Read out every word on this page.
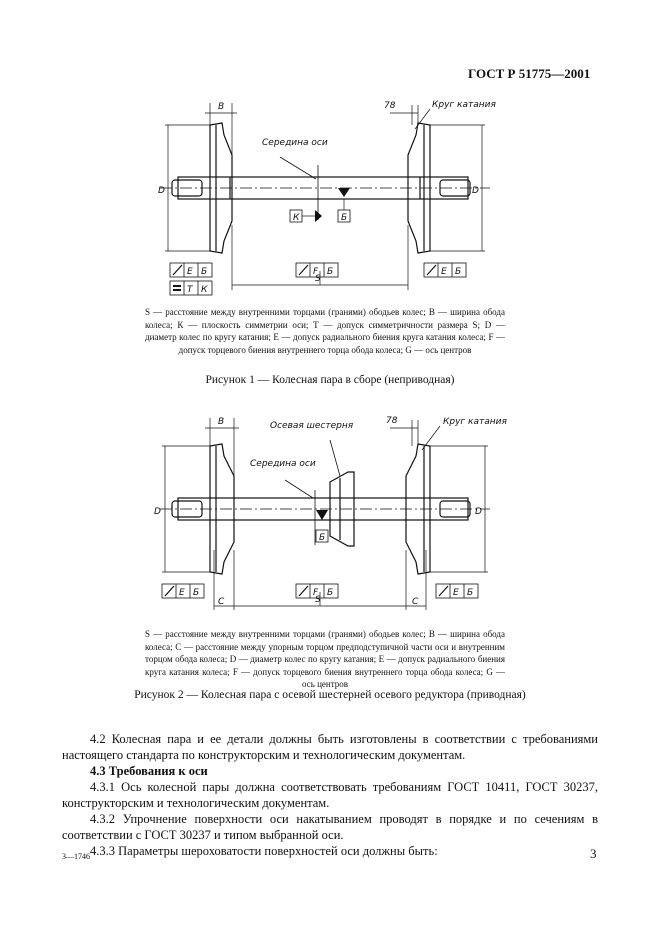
ГОСТ Р 51775—2001
В	78	Круг катания
Середина оси
D	D
К	Б
S
Е Б
Т К
F Б	Е Б
S — расстояние между внутренними торцами (гранями) ободьев колес; В — ширина обода колеса; К — плоскость симметрии оси; Т — допуск симметричности размера S; D — диаметр колес по кругу катания; Е — допуск радиального биения круга катания колеса; F — допуск торцевого биения внутреннего торца обода колеса; G — ось центров
Рисунок 1 — Колесная пара в сборе (неприводная)
В	78	Круг катания
Осевая шестерня
Середина оси
D	D
Б
С	С
S
Е Б	F Б	Е Б
S — расстояние между внутренними торцами (гранями) ободьев колес; В — ширина обода колеса; С — расстояние между упорным торцом предподступичной части оси и внутренним торцом обода колеса; D — диаметр колес по кругу катания; Е — допуск радиального биения круга катания колеса; F — допуск торцевого биения внутреннего торца обода колеса; G — ось центров
Рисунок 2 — Колесная пара с осевой шестерней осевого редуктора (приводная)
4.2 Колесная пара и ее детали должны быть изготовлены в соответствии с требованиями настоящего стандарта по конструкторским и технологическим документам.
4.3 Требования к оси
4.3.1 Ось колесной пары должна соответствовать требованиям ГОСТ 10411, ГОСТ 30237, конструкторским и технологическим документам.
4.3.2 Упрочнение поверхности оси накатыванием проводят в порядке и по сечениям в соответствии с ГОСТ 30237 и типом выбранной оси.
4.3.3 Параметры шероховатости поверхностей оси должны быть:
3—1746	3
